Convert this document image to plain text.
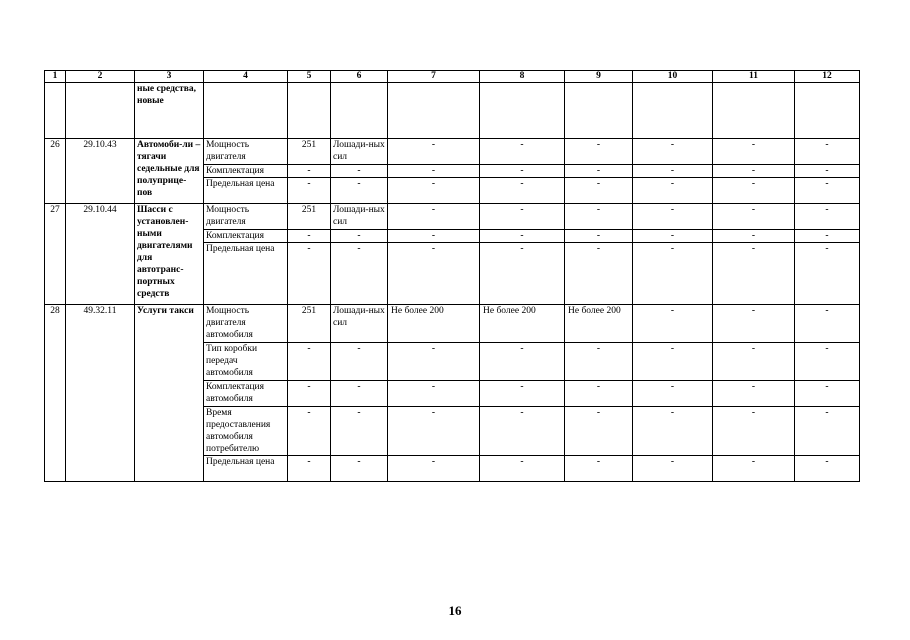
1	2	3	4	5	6	7	8	9	10	11	12
		ные средства, новые									
26	29.10.43	Автомоби-ли – тягачи седельные для полуприце-пов	Мощность двигателя	251	Лошади-ных сил	-	-	-	-	-	-
			Комплектация	-	-	-	-	-	-	-	-
			Предельная цена	-	-	-	-	-	-	-	-
27	29.10.44	Шасси с установлен-ными двигателями для автотранс-портных средств	Мощность двигателя	251	Лошади-ных сил	-	-	-	-	-	-
			Комплектация	-	-	-	-	-	-	-	-
			Предельная цена	-	-	-	-	-	-	-	-
28	49.32.11	Услуги такси	Мощность двигателя автомобиля	251	Лошади-ных сил	Не более 200	Не более 200	Не более 200	-	-	-
			Тип коробки передач автомобиля	-	-	-	-	-	-	-	-
			Комплектация автомобиля	-	-	-	-	-	-	-	-
			Время предоставления автомобиля потребителю	-	-	-	-	-	-	-	-
			Предельная цена	-	-	-	-	-	-	-	-
16
